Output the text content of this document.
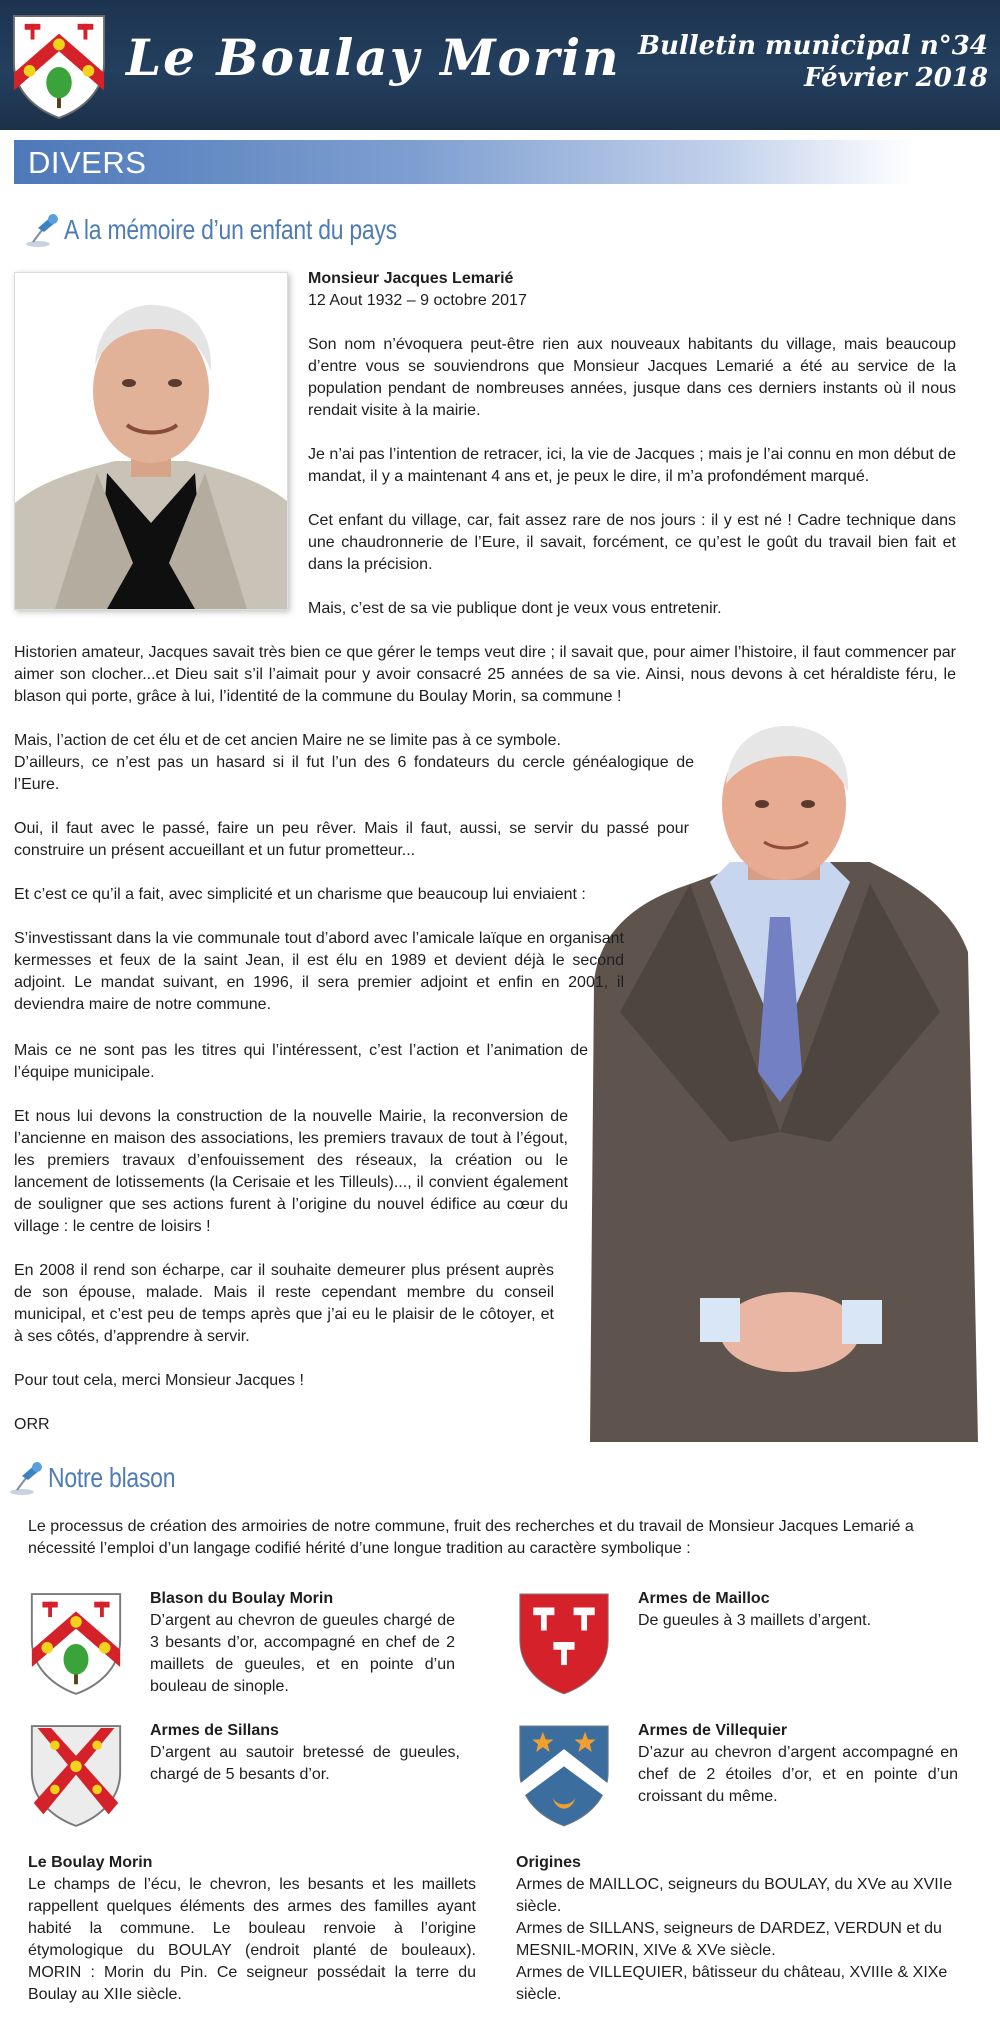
Le Boulay Morin Bulletin municipal n°34
Février 2018
DIVERS
A la mémoire d’un enfant du pays
Monsieur Jacques Lemarié
12 Aout 1932 – 9 octobre 2017

Son nom n’évoquera peut-être rien aux nouveaux habitants du village, mais beaucoup d’entre vous se souviendrons que Monsieur Jacques Lemarié a été au service de la population pendant de nombreuses années, jusque dans ces derniers instants où il nous rendait visite à la mairie.

Je n’ai pas l’intention de retracer, ici, la vie de Jacques ; mais je l’ai connu en mon début de mandat, il y a maintenant 4 ans et, je peux le dire, il m’a profondément marqué.

Cet enfant du village, car, fait assez rare de nos jours : il y est né ! Cadre technique dans une chaudronnerie de l’Eure, il savait, forcément, ce qu’est le goût du travail bien fait et dans la précision.

Mais, c’est de sa vie publique dont je veux vous entretenir.

Historien amateur, Jacques savait très bien ce que gérer le temps veut dire ; il savait que, pour aimer l’histoire, il faut commencer par aimer son clocher...et Dieu sait s’il l’aimait pour y avoir consacré 25 années de sa vie. Ainsi, nous devons à cet héraldiste féru, le blason qui porte, grâce à lui, l’identité de la commune du Boulay Morin, sa commune !

Mais, l’action de cet élu et de cet ancien Maire ne se limite pas à ce symbole.

D’ailleurs, ce n’est pas un hasard si il fut l’un des 6 fondateurs du cercle généalogique de l’Eure.

Oui, il faut avec le passé, faire un peu rêver. Mais il faut, aussi, se servir du passé pour construire un présent accueillant et un futur prometteur...

Et c’est ce qu’il a fait, avec simplicité et un charisme que beaucoup lui enviaient :

S’investissant dans la vie communale tout d’abord avec l’amicale laïque en organisant kermesses et feux de la saint Jean, il est élu en 1989 et devient déjà le second adjoint. Le mandat suivant, en 1996, il sera premier adjoint et enfin en 2001, il deviendra maire de notre commune.

Mais ce ne sont pas les titres qui l’intéressent, c’est l’action et l’animation de l’équipe municipale.

Et nous lui devons la construction de la nouvelle Mairie, la reconversion de l’ancienne en maison des associations, les premiers travaux de tout à l’égout, les premiers travaux d’enfouissement des réseaux, la création ou le lancement de lotissements (la Cerisaie et les Tilleuls)..., il convient également de souligner que ses actions furent à l’origine du nouvel édifice au cœur du village : le centre de loisirs !

En 2008 il rend son écharpe, car il souhaite demeurer plus présent auprès de son épouse, malade. Mais il reste cependant membre du conseil municipal, et c’est peu de temps après que j’ai eu le plaisir de le côtoyer, et à ses côtés, d’apprendre à servir.

Pour tout cela, merci Monsieur Jacques !

ORR

Notre blason

Le processus de création des armoiries de notre commune, fruit des recherches et du travail de Monsieur Jacques Lemarié a nécessité l’emploi d’un langage codifié hérité d’une longue tradition au caractère symbolique :

Blason du Boulay Morin

D’argent au chevron de gueules chargé de 3 besants d’or, accompagné en chef de 2 maillets de gueules, et en pointe d’un bouleau de sinople.

Armes de Mailloc

De gueules à 3 maillets d’argent.

Armes de Sillans

D’argent au sautoir bretessé de gueules, chargé de 5 besants d’or.

Armes de Villequier

D’azur au chevron d’argent accompagné en chef de 2 étoiles d’or, et en pointe d’un croissant du même.

Le Boulay Morin

Le champs de l’écu, le chevron, les besants et les maillets rappellent quelques éléments des armes des familles ayant habité la commune. Le bouleau renvoie à l’origine étymologique du BOULAY (endroit planté de bouleaux). MORIN : Morin du Pin. Ce seigneur possédait la terre du Boulay au XIIe siècle.

Origines

Armes de MAILLOC, seigneurs du BOULAY, du XVe au XVIIe siècle.

Armes de SILLANS, seigneurs de DARDEZ, VERDUN et du MESNIL-MORIN, XIVe & XVe siècle.

Armes de VILLEQUIER, bâtisseur du château, XVIIIe & XIXe siècle.
